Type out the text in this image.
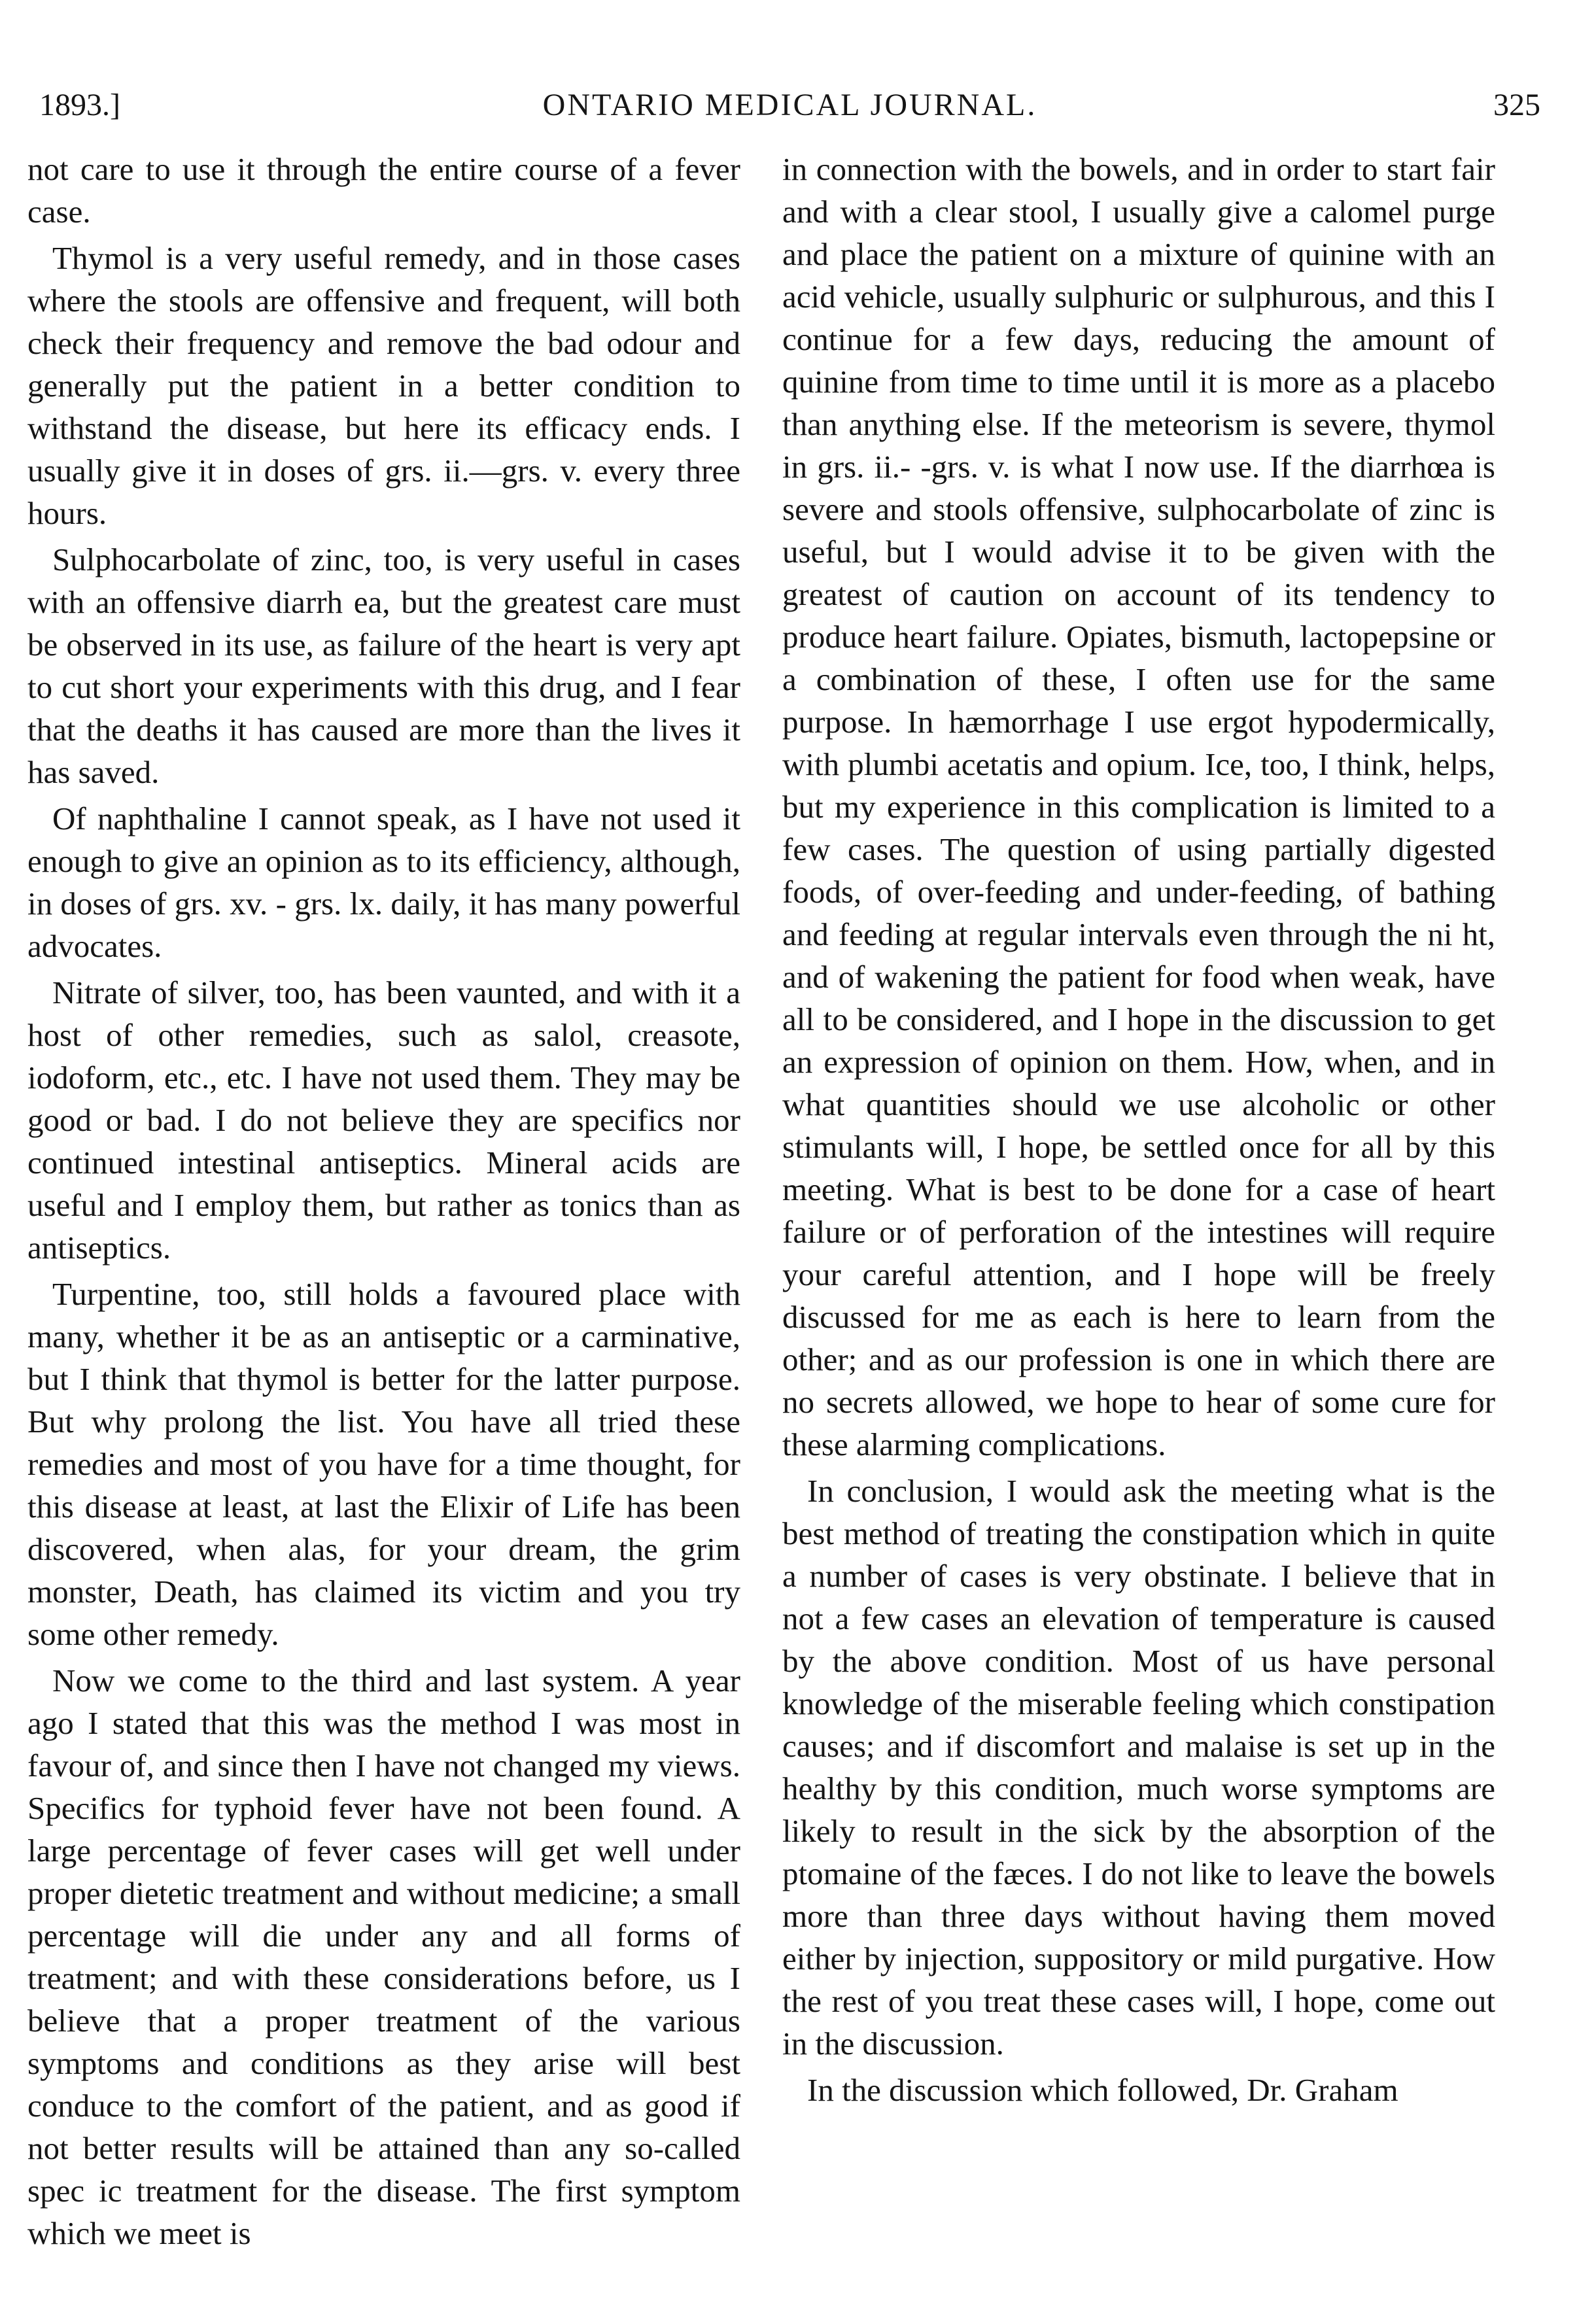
1893.]	ONTARIO MEDICAL JOURNAL.	325

not care to use it through the entire course of a fever case.

Thymol is a very useful remedy, and in those cases where the stools are offensive and frequent, will both check their frequency and remove the bad odour and generally put the patient in a better condition to withstand the disease, but here its efficacy ends. I usually give it in doses of grs. ii.—grs. v. every three hours.

Sulphocarbolate of zinc, too, is very useful in cases with an offensive diarrh ea, but the greatest care must be observed in its use, as failure of the heart is very apt to cut short your experiments with this drug, and I fear that the deaths it has caused are more than the lives it has saved.

Of naphthaline I cannot speak, as I have not used it enough to give an opinion as to its efficiency, although, in doses of grs. xv. - grs. lx. daily, it has many powerful advocates.

Nitrate of silver, too, has been vaunted, and with it a host of other remedies, such as salol, creasote, iodoform, etc., etc. I have not used them. They may be good or bad. I do not believe they are specifics nor continued intestinal antiseptics. Mineral acids are useful and I employ them, but rather as tonics than as antiseptics.

Turpentine, too, still holds a favoured place with many, whether it be as an antiseptic or a carminative, but I think that thymol is better for the latter purpose. But why prolong the list. You have all tried these remedies and most of you have for a time thought, for this disease at least, at last the Elixir of Life has been discovered, when alas, for your dream, the grim monster, Death, has claimed its victim and you try some other remedy.

Now we come to the third and last system. A year ago I stated that this was the method I was most in favour of, and since then I have not changed my views. Specifics for typhoid fever have not been found. A large percentage of fever cases will get well under proper dietetic treatment and without medicine; a small percentage will die under any and all forms of treatment; and with these considerations before, us I believe that a proper treatment of the various symptoms and conditions as they arise will best conduce to the comfort of the patient, and as good if not better results will be attained than any so-called spec ic treatment for the disease. The first symptom which we meet is

in connection with the bowels, and in order to start fair and with a clear stool, I usually give a calomel purge and place the patient on a mixture of quinine with an acid vehicle, usually sulphuric or sulphurous, and this I continue for a few days, reducing the amount of quinine from time to time until it is more as a placebo than anything else. If the meteorism is severe, thymol in grs. ii.- -grs. v. is what I now use. If the diarrhœa is severe and stools offensive, sulphocarbolate of zinc is useful, but I would advise it to be given with the greatest of caution on account of its tendency to produce heart failure. Opiates, bismuth, lactopepsine or a combination of these, I often use for the same purpose. In hæmorrhage I use ergot hypodermically, with plumbi acetatis and opium. Ice, too, I think, helps, but my experience in this complication is limited to a few cases. The question of using partially digested foods, of over-feeding and under-feeding, of bathing and feeding at regular intervals even through the ni ht, and of wakening the patient for food when weak, have all to be considered, and I hope in the discussion to get an expression of opinion on them. How, when, and in what quantities should we use alcoholic or other stimulants will, I hope, be settled once for all by this meeting. What is best to be done for a case of heart failure or of perforation of the intestines will require your careful attention, and I hope will be freely discussed for me as each is here to learn from the other; and as our profession is one in which there are no secrets allowed, we hope to hear of some cure for these alarming complications.

In conclusion, I would ask the meeting what is the best method of treating the constipation which in quite a number of cases is very obstinate. I believe that in not a few cases an elevation of temperature is caused by the above condition. Most of us have personal knowledge of the miserable feeling which constipation causes; and if discomfort and malaise is set up in the healthy by this condition, much worse symptoms are likely to result in the sick by the absorption of the ptomaine of the fæces. I do not like to leave the bowels more than three days without having them moved either by injection, suppository or mild purgative. How the rest of you treat these cases will, I hope, come out in the discussion.

In the discussion which followed, Dr. Graham
